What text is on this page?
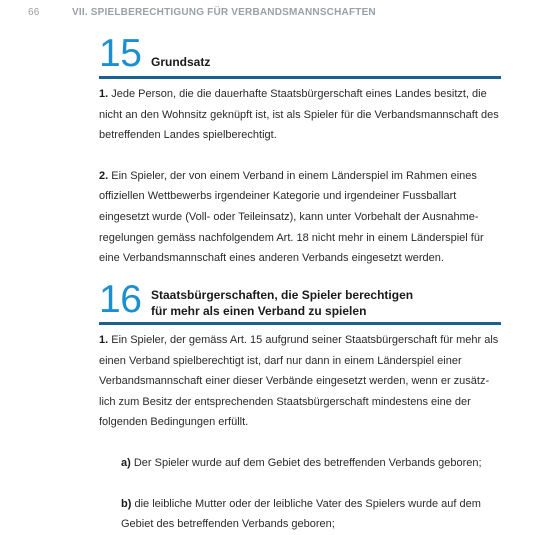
66	VII. SPIELBERECHTIGUNG FÜR VERBANDSMANNSCHAFTEN
15 Grundsatz

1. Jede Person, die die dauerhafte Staatsbürgerschaft eines Landes besitzt, die nicht an den Wohnsitz geknüpft ist, ist als Spieler für die Verbandsmannschaft des betreffenden Landes spielberechtigt.

2. Ein Spieler, der von einem Verband in einem Länderspiel im Rahmen eines offiziellen Wettbewerbs irgendeiner Kategorie und irgendeiner Fussballart eingesetzt wurde (Voll- oder Teileinsatz), kann unter Vorbehalt der Ausnahmeregelungen gemäss nachfolgendem Art. 18 nicht mehr in einem Länderspiel für eine Verbandsmannschaft eines anderen Verbands eingesetzt werden.

16 Staatsbürgerschaften, die Spieler berechtigen
für mehr als einen Verband zu spielen

1. Ein Spieler, der gemäss Art. 15 aufgrund seiner Staatsbürgerschaft für mehr als einen Verband spielberechtigt ist, darf nur dann in einem Länderspiel einer Verbandsmannschaft einer dieser Verbände eingesetzt werden, wenn er zusätzlich zum Besitz der entsprechenden Staatsbürgerschaft mindestens eine der folgenden Bedingungen erfüllt.

a) Der Spieler wurde auf dem Gebiet des betreffenden Verbands geboren;

b) die leibliche Mutter oder der leibliche Vater des Spielers wurde auf dem Gebiet des betreffenden Verbands geboren;
